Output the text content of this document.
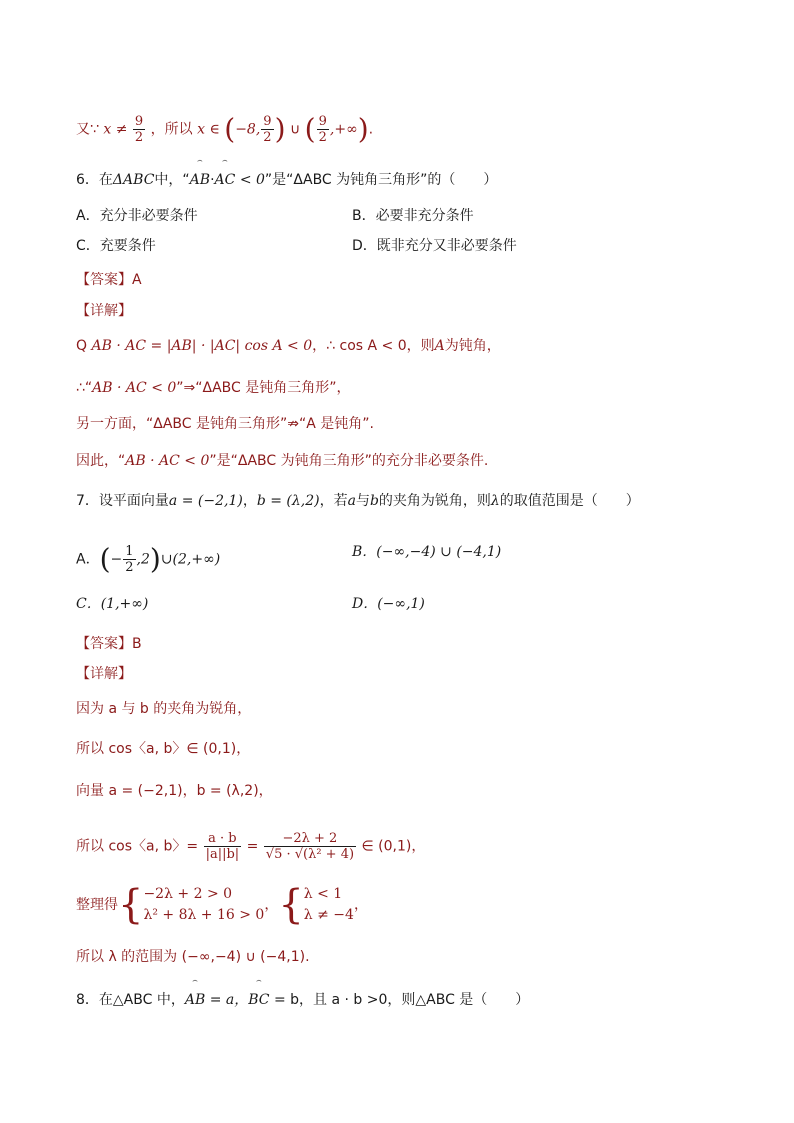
又∵ $x \ne \frac{9}{2}$ ，所以 x ∈ (−8, $\frac{9}{2}$ ) ∪ ( $\frac{9}{2}$ ,+∞).
6．在ΔABC中，“⏞ AB·⏞ AC < 0”是“ΔABC 为钝角三角形”的（　　）
A．充分非必要条件	B．必要非充分条件
C．充要条件	D．既非充分又非必要条件
【答案】A
【详解】
Q AB · AC = |AB| · |AC| cos A < 0，∴ cos A < 0，则A为钝角，
∴“AB · AC < 0”⇒“ΔABC 是钝角三角形”，
另一方面，“ΔABC 是钝角三角形”⇏“A 是钝角”.
因此，“AB · AC < 0”是“ΔABC 为钝角三角形”的充分非必要条件.
7．设平面向量a = (−2,1)，b = (λ,2)，若a与b的夹角为锐角，则λ的取值范围是（　　）
A．(− $\frac{1}{2}$ ,2)∪(2,+∞)	B．(−∞,−4) ∪ (−4,1)
C．(1,+∞)	D．(−∞,1)
【答案】B
【详解】
因为 a 与 b 的夹角为锐角，
所以 cos〈a, b〉∈ (0,1)，
向量 a = (−2,1)，b = (λ,2)，
所以 cos〈a, b〉= $\frac{a \cdot b}{|a||b|} = \frac{-2\lambda + 2}{\text{√5 · √(λ² + 4)}}$ ∈ (0,1)，
整理得{ −2λ + 2 > 0
λ² + 8λ + 16 > 0
，{ λ < 1
λ ≠ −4
，
所以 λ 的范围为 (−∞,−4) ∪ (−4,1).
8．在△ABC 中，⏞ AB = a，⏞ BC = b，且 a · b >0，则△ABC 是（　　）
